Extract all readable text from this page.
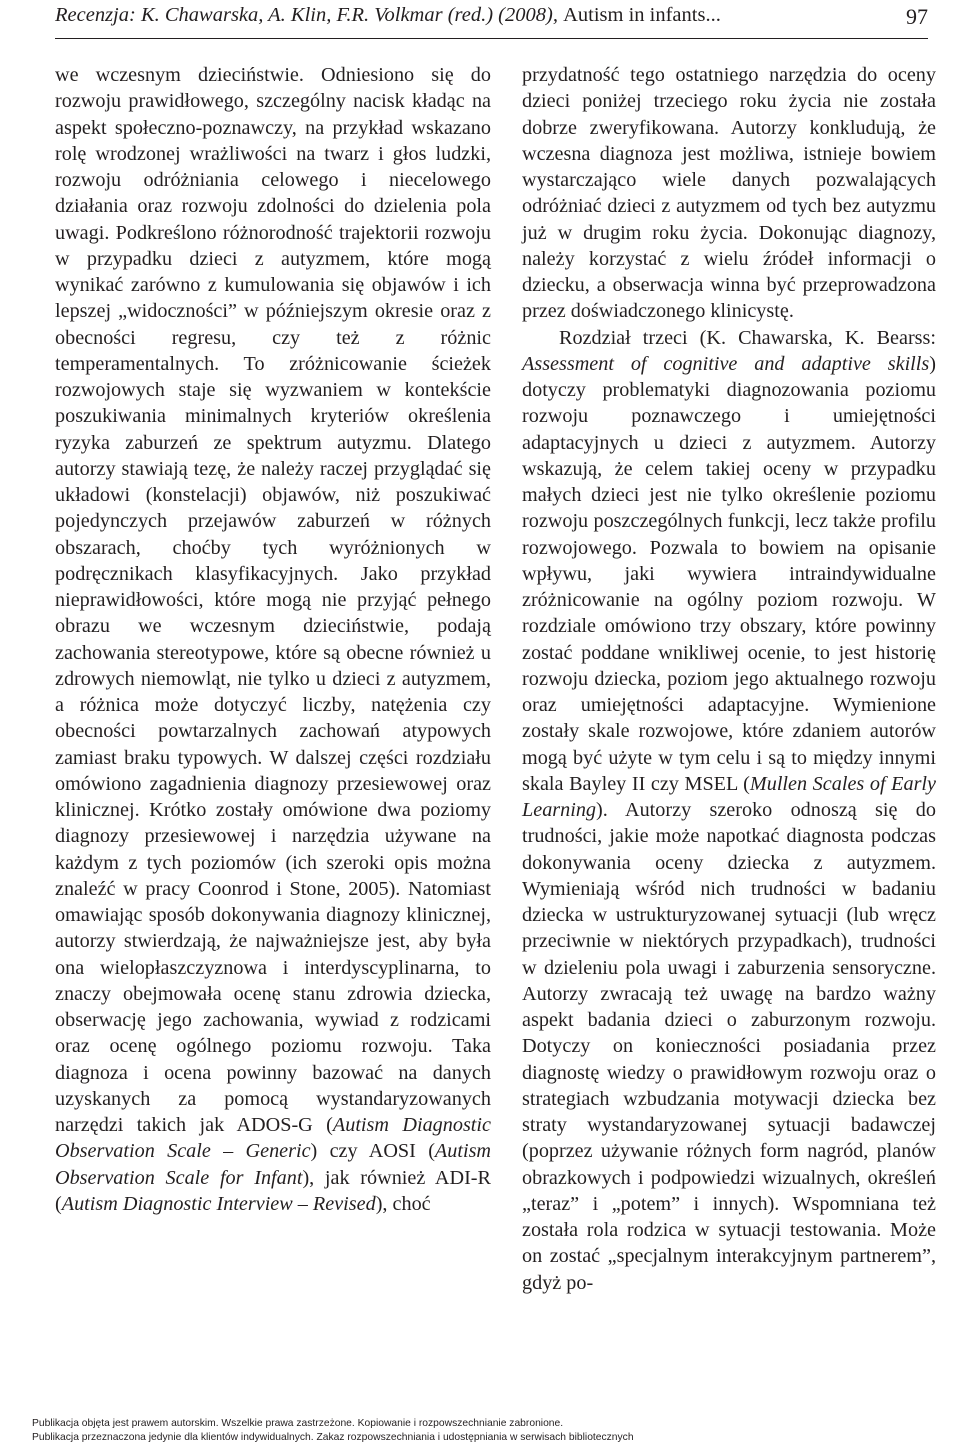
Recenzja: K. Chawarska, A. Klin, F.R. Volkmar (red.) (2008), Autism in infants...	97

we wczesnym dzieciństwie. Odniesiono się do rozwoju prawidłowego, szczególny nacisk kładąc na aspekt społeczno-poznawczy, na przykład wskazano rolę wrodzonej wrażliwości na twarz i głos ludzki, rozwoju odróżniania celowego i niecelowego działania oraz rozwoju zdolności do dzielenia pola uwagi. Podkreślono różnorodność trajektorii rozwoju w przypadku dzieci z autyzmem, które mogą wynikać zarówno z kumulowania się objawów i ich lepszej „widoczności” w późniejszym okresie oraz z obecności regresu, czy też z różnic temperamentalnych. To zróżnicowanie ścieżek rozwojowych staje się wyzwaniem w kontekście poszukiwania minimalnych kryteriów określenia ryzyka zaburzeń ze spektrum autyzmu. Dlatego autorzy stawiają tezę, że należy raczej przyglądać się układowi (konstelacji) objawów, niż poszukiwać pojedynczych przejawów zaburzeń w różnych obszarach, choćby tych wyróżnionych w podręcznikach klasyfikacyjnych. Jako przykład nieprawidłowości, które mogą nie przyjąć pełnego obrazu we wczesnym dzieciństwie, podają zachowania stereotypowe, które są obecne również u zdrowych niemowląt, nie tylko u dzieci z autyzmem, a różnica może dotyczyć liczby, natężenia czy obecności powtarzalnych zachowań atypowych zamiast braku typowych. W dalszej części rozdziału omówiono zagadnienia diagnozy przesiewowej oraz klinicznej. Krótko zostały omówione dwa poziomy diagnozy przesiewowej i narzędzia używane na każdym z tych poziomów (ich szeroki opis można znaleźć w pracy Coonrod i Stone, 2005). Natomiast omawiając sposób dokonywania diagnozy klinicznej, autorzy stwierdzają, że najważniejsze jest, aby była ona wielopłaszczyznowa i interdyscyplinarna, to znaczy obejmowała ocenę stanu zdrowia dziecka, obserwację jego zachowania, wywiad z rodzicami oraz ocenę ogólnego poziomu rozwoju. Taka diagnoza i ocena powinny bazować na danych uzyskanych za pomocą wystandaryzowanych narzędzi takich jak ADOS-G (Autism Diagnostic Observation Scale – Generic) czy AOSI (Autism Observation Scale for Infant), jak również ADI-R (Autism Diagnostic Interview – Revised), choć

przydatność tego ostatniego narzędzia do oceny dzieci poniżej trzeciego roku życia nie została dobrze zweryfikowana. Autorzy konkludują, że wczesna diagnoza jest możliwa, istnieje bowiem wystarczająco wiele danych pozwalających odróżniać dzieci z autyzmem od tych bez autyzmu już w drugim roku życia. Dokonując diagnozy, należy korzystać z wielu źródeł informacji o dziecku, a obserwacja winna być przeprowadzona przez doświadczonego klinicystę.

Rozdział trzeci (K. Chawarska, K. Bearss: Assessment of cognitive and adaptive skills) dotyczy problematyki diagnozowania poziomu rozwoju poznawczego i umiejętności adaptacyjnych u dzieci z autyzmem. Autorzy wskazują, że celem takiej oceny w przypadku małych dzieci jest nie tylko określenie poziomu rozwoju poszczególnych funkcji, lecz także profilu rozwojowego. Pozwala to bowiem na opisanie wpływu, jaki wywiera intraindywidualne zróżnicowanie na ogólny poziom rozwoju. W rozdziale omówiono trzy obszary, które powinny zostać poddane wnikliwej ocenie, to jest historię rozwoju dziecka, poziom jego aktualnego rozwoju oraz umiejętności adaptacyjne. Wymienione zostały skale rozwojowe, które zdaniem autorów mogą być użyte w tym celu i są to między innymi skala Bayley II czy MSEL (Mullen Scales of Early Learning). Autorzy szeroko odnoszą się do trudności, jakie może napotkać diagnosta podczas dokonywania oceny dziecka z autyzmem. Wymieniają wśród nich trudności w badaniu dziecka w ustrukturyzowanej sytuacji (lub wręcz przeciwnie w niektórych przypadkach), trudności w dzieleniu pola uwagi i zaburzenia sensoryczne. Autorzy zwracają też uwagę na bardzo ważny aspekt badania dzieci o zaburzonym rozwoju. Dotyczy on konieczności posiadania przez diagnostę wiedzy o prawidłowym rozwoju oraz o strategiach wzbudzania motywacji dziecka bez straty wystandaryzowanej sytuacji badawczej (poprzez używanie różnych form nagród, planów obrazkowych i podpowiedzi wizualnych, określeń „teraz” i „potem” i innych). Wspomniana też została rola rodzica w sytuacji testowania. Może on zostać „specjalnym interakcyjnym partnerem”, gdyż po-

Publikacja objęta jest prawem autorskim. Wszelkie prawa zastrzeżone. Kopiowanie i rozpowszechnianie zabronione.
Publikacja przeznaczona jedynie dla klientów indywidualnych. Zakaz rozpowszechniania i udostępniania w serwisach bibliotecznych
